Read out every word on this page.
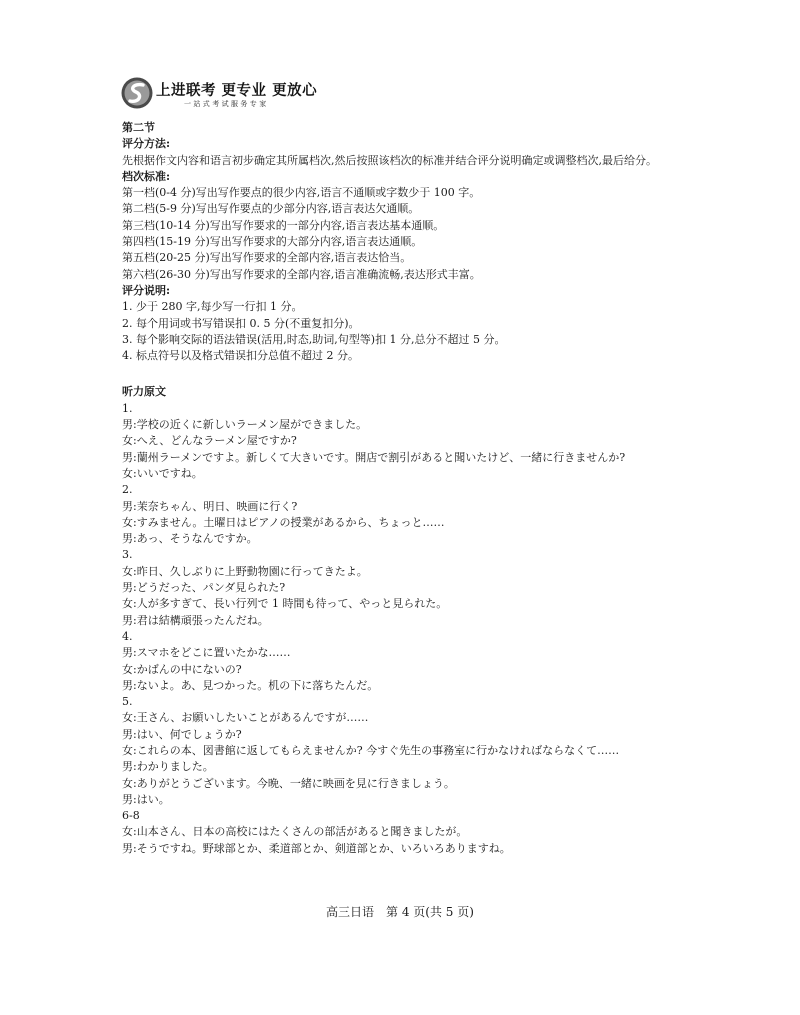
上进联考 更专业 更放心
一站式考试服务专家
第二节
评分方法:
先根据作文内容和语言初步确定其所属档次,然后按照该档次的标准并结合评分说明确定或调整档次,最后给分。
档次标准:
第一档(0-4 分)写出写作要点的很少内容,语言不通顺或字数少于 100 字。
第二档(5-9 分)写出写作要点的少部分内容,语言表达欠通顺。
第三档(10-14 分)写出写作要求的一部分内容,语言表达基本通顺。
第四档(15-19 分)写出写作要求的大部分内容,语言表达通顺。
第五档(20-25 分)写出写作要求的全部内容,语言表达恰当。
第六档(26-30 分)写出写作要求的全部内容,语言准确流畅,表达形式丰富。
评分说明:
1. 少于 280 字,每少写一行扣 1 分。
2. 每个用词或书写错误扣 0. 5 分(不重复扣分)。
3. 每个影响交际的语法错误(活用,时态,助词,句型等)扣 1 分,总分不超过 5 分。
4. 标点符号以及格式错误扣分总值不超过 2 分。
听力原文
1.
男:学校の近くに新しいラーメン屋ができました。
女:へえ、どんなラーメン屋ですか?
男:蘭州ラーメンですよ。新しくて大きいです。開店で割引があると聞いたけど、一緒に行きませんか?
女:いいですね。
2.
男:茉奈ちゃん、明日、映画に行く?
女:すみません。土曜日はピアノの授業があるから、ちょっと……
男:あっ、そうなんですか。
3.
女:昨日、久しぶりに上野動物園に行ってきたよ。
男:どうだった、パンダ見られた?
女:人が多すぎて、長い行列で 1 時間も待って、やっと見られた。
男:君は結構頑張ったんだね。
4.
男:スマホをどこに置いたかな……
女:かばんの中にないの?
男:ないよ。あ、見つかった。机の下に落ちたんだ。
5.
女:王さん、お願いしたいことがあるんですが……
男:はい、何でしょうか?
女:これらの本、図書館に返してもらえませんか? 今すぐ先生の事務室に行かなければならなくて……
男:わかりました。
女:ありがとうございます。今晩、一緒に映画を見に行きましょう。
男:はい。
6-8
女:山本さん、日本の高校にはたくさんの部活があると聞きましたが。
男:そうですね。野球部とか、柔道部とか、剣道部とか、いろいろありますね。
高三日语　第 4 页(共 5 页)
